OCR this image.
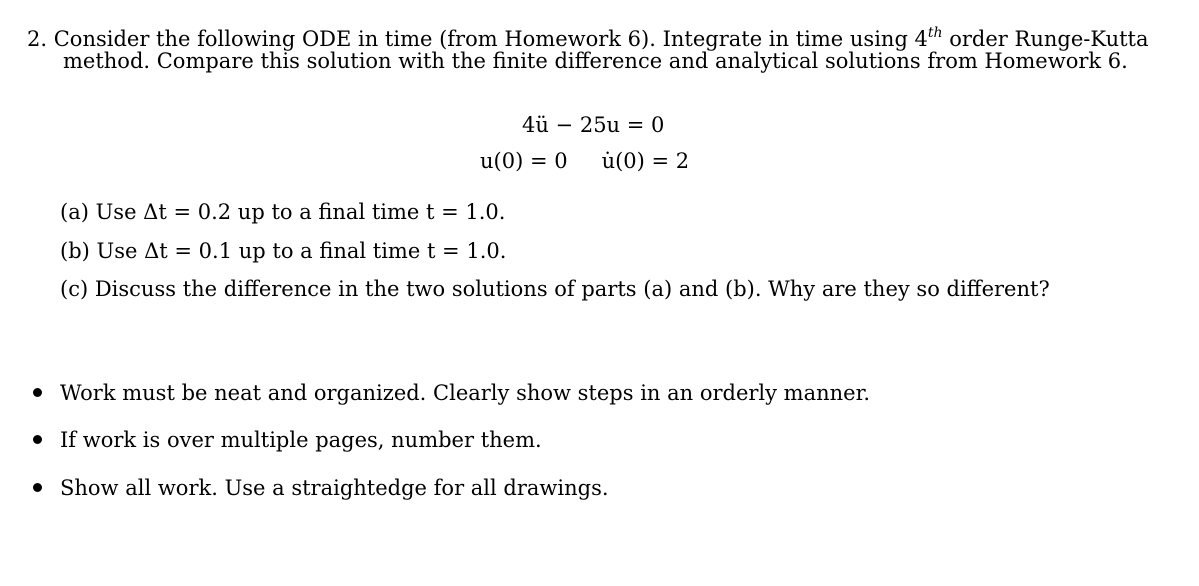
2. Consider the following ODE in time (from Homework 6). Integrate in time using 4th order Runge-Kutta
method. Compare this solution with the finite difference and analytical solutions from Homework 6.
4ü − 25u = 0
u(0) = 0 u̇(0) = 2
(a) Use Δt = 0.2 up to a final time t = 1.0.
(b) Use Δt = 0.1 up to a final time t = 1.0.
(c) Discuss the difference in the two solutions of parts (a) and (b). Why are they so different?
Work must be neat and organized. Clearly show steps in an orderly manner.
If work is over multiple pages, number them.
Show all work. Use a straightedge for all drawings.
